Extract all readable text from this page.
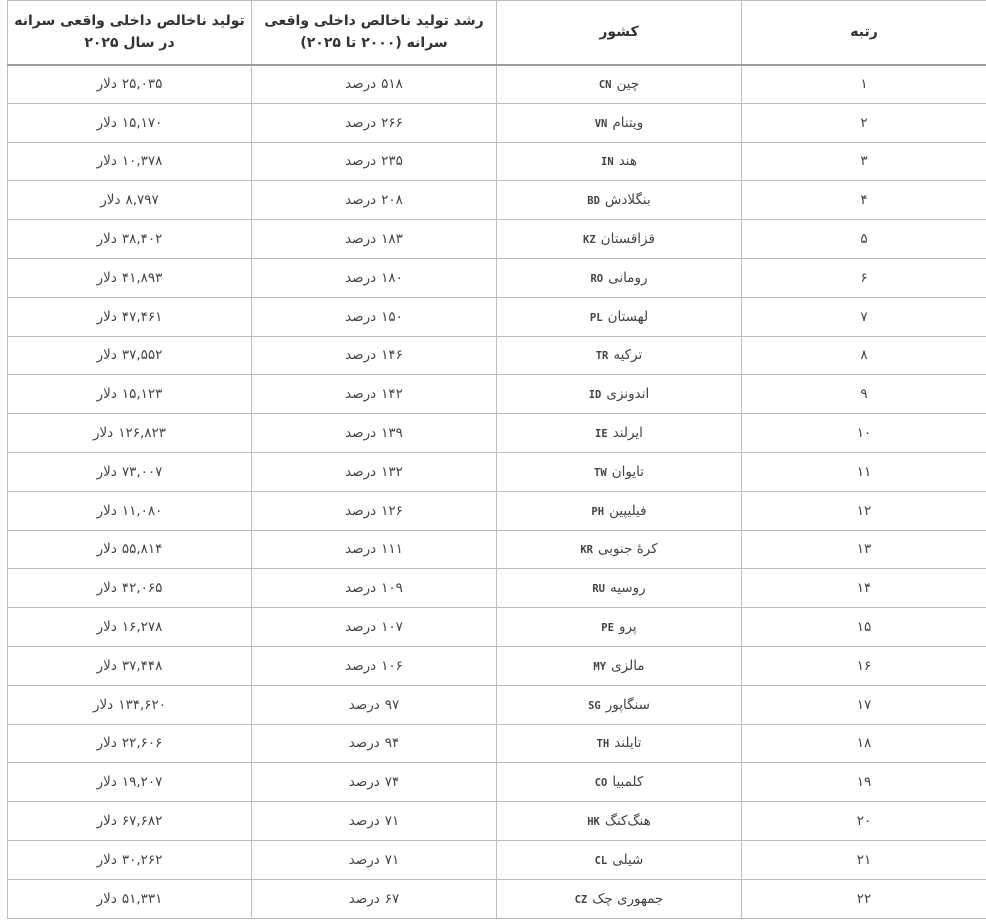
رتبه	کشور	رشد تولید ناخالص داخلی واقعی سرانه (۲۰۰۰ تا ۲۰۲۵)	تولید ناخالص داخلی واقعی سرانه در سال ۲۰۲۵
۱	چینCN	۵۱۸درصد	۲۵,۰۳۵دلار
۲	ویتنامVN	۲۶۶درصد	۱۵,۱۷۰دلار
۳	هندIN	۲۳۵درصد	۱۰,۳۷۸دلار
۴	بنگلادشBD	۲۰۸درصد	۸,۷۹۷دلار
۵	قزاقستانKZ	۱۸۳درصد	۳۸,۴۰۲دلار
۶	رومانیRO	۱۸۰درصد	۴۱,۸۹۳دلار
۷	لهستانPL	۱۵۰درصد	۴۷,۴۶۱دلار
۸	ترکیهTR	۱۴۶درصد	۳۷,۵۵۲دلار
۹	اندونزیID	۱۴۲درصد	۱۵,۱۲۳دلار
۱۰	ایرلندIE	۱۳۹درصد	۱۲۶,۸۲۳دلار
۱۱	تایوانTW	۱۳۲درصد	۷۳,۰۰۷دلار
۱۲	فیلیپینPH	۱۲۶درصد	۱۱,۰۸۰دلار
۱۳	کرهٔ جنوبیKR	۱۱۱درصد	۵۵,۸۱۴دلار
۱۴	روسیهRU	۱۰۹درصد	۴۲,۰۶۵دلار
۱۵	پروPE	۱۰۷درصد	۱۶,۲۷۸دلار
۱۶	مالزیMY	۱۰۶درصد	۳۷,۴۴۸دلار
۱۷	سنگاپورSG	۹۷درصد	۱۳۴,۶۲۰دلار
۱۸	تایلندTH	۹۴درصد	۲۲,۶۰۶دلار
۱۹	کلمبیاCO	۷۴درصد	۱۹,۲۰۷دلار
۲۰	هنگ‌کنگHK	۷۱درصد	۶۷,۶۸۲دلار
۲۱	شیلیCL	۷۱درصد	۳۰,۲۶۲دلار
۲۲	جمهوری چکCZ	۶۷درصد	۵۱,۳۳۱دلار
